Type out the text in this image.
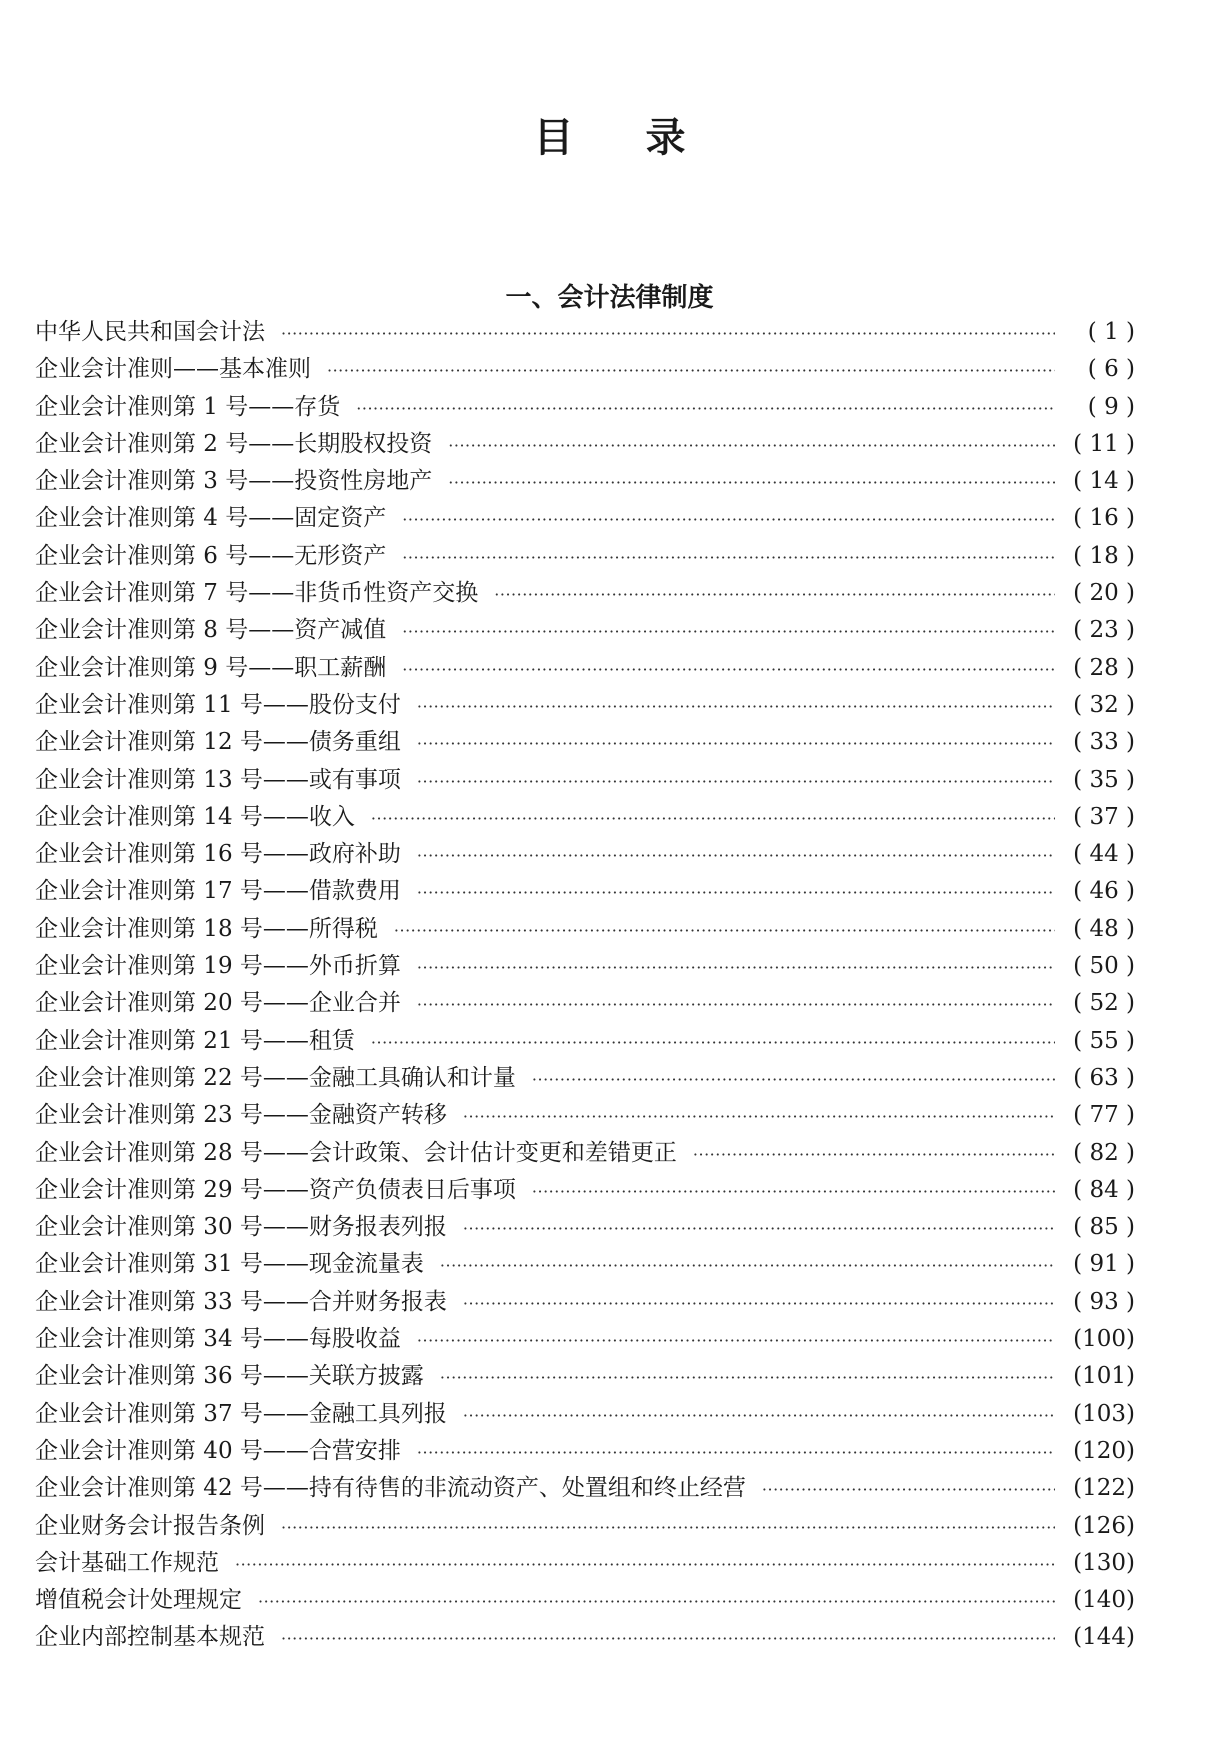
目录
一、会计法律制度
中华人民共和国会计法 ·····	( 1 )
企业会计准则——基本准则 ·····	( 6 )
企业会计准则第 1 号——存货 ·····	( 9 )
企业会计准则第 2 号——长期股权投资 ·····	( 11 )
企业会计准则第 3 号——投资性房地产 ·····	( 14 )
企业会计准则第 4 号——固定资产 ·····	( 16 )
企业会计准则第 6 号——无形资产 ·····	( 18 )
企业会计准则第 7 号——非货币性资产交换 ·····	( 20 )
企业会计准则第 8 号——资产减值 ·····	( 23 )
企业会计准则第 9 号——职工薪酬 ·····	( 28 )
企业会计准则第 11 号——股份支付 ·····	( 32 )
企业会计准则第 12 号——债务重组 ·····	( 33 )
企业会计准则第 13 号——或有事项 ·····	( 35 )
企业会计准则第 14 号——收入 ·····	( 37 )
企业会计准则第 16 号——政府补助 ·····	( 44 )
企业会计准则第 17 号——借款费用 ·····	( 46 )
企业会计准则第 18 号——所得税 ·····	( 48 )
企业会计准则第 19 号——外币折算 ·····	( 50 )
企业会计准则第 20 号——企业合并 ·····	( 52 )
企业会计准则第 21 号——租赁 ·····	( 55 )
企业会计准则第 22 号——金融工具确认和计量 ·····	( 63 )
企业会计准则第 23 号——金融资产转移 ·····	( 77 )
企业会计准则第 28 号——会计政策、会计估计变更和差错更正 ·····	( 82 )
企业会计准则第 29 号——资产负债表日后事项 ·····	( 84 )
企业会计准则第 30 号——财务报表列报 ·····	( 85 )
企业会计准则第 31 号——现金流量表 ·····	( 91 )
企业会计准则第 33 号——合并财务报表 ·····	( 93 )
企业会计准则第 34 号——每股收益 ·····	(100)
企业会计准则第 36 号——关联方披露 ·····	(101)
企业会计准则第 37 号——金融工具列报 ·····	(103)
企业会计准则第 40 号——合营安排 ·····	(120)
企业会计准则第 42 号——持有待售的非流动资产、处置组和终止经营 ·····	(122)
企业财务会计报告条例 ·····	(126)
会计基础工作规范 ·····	(130)
增值税会计处理规定 ·····	(140)
企业内部控制基本规范 ·····	(144)
